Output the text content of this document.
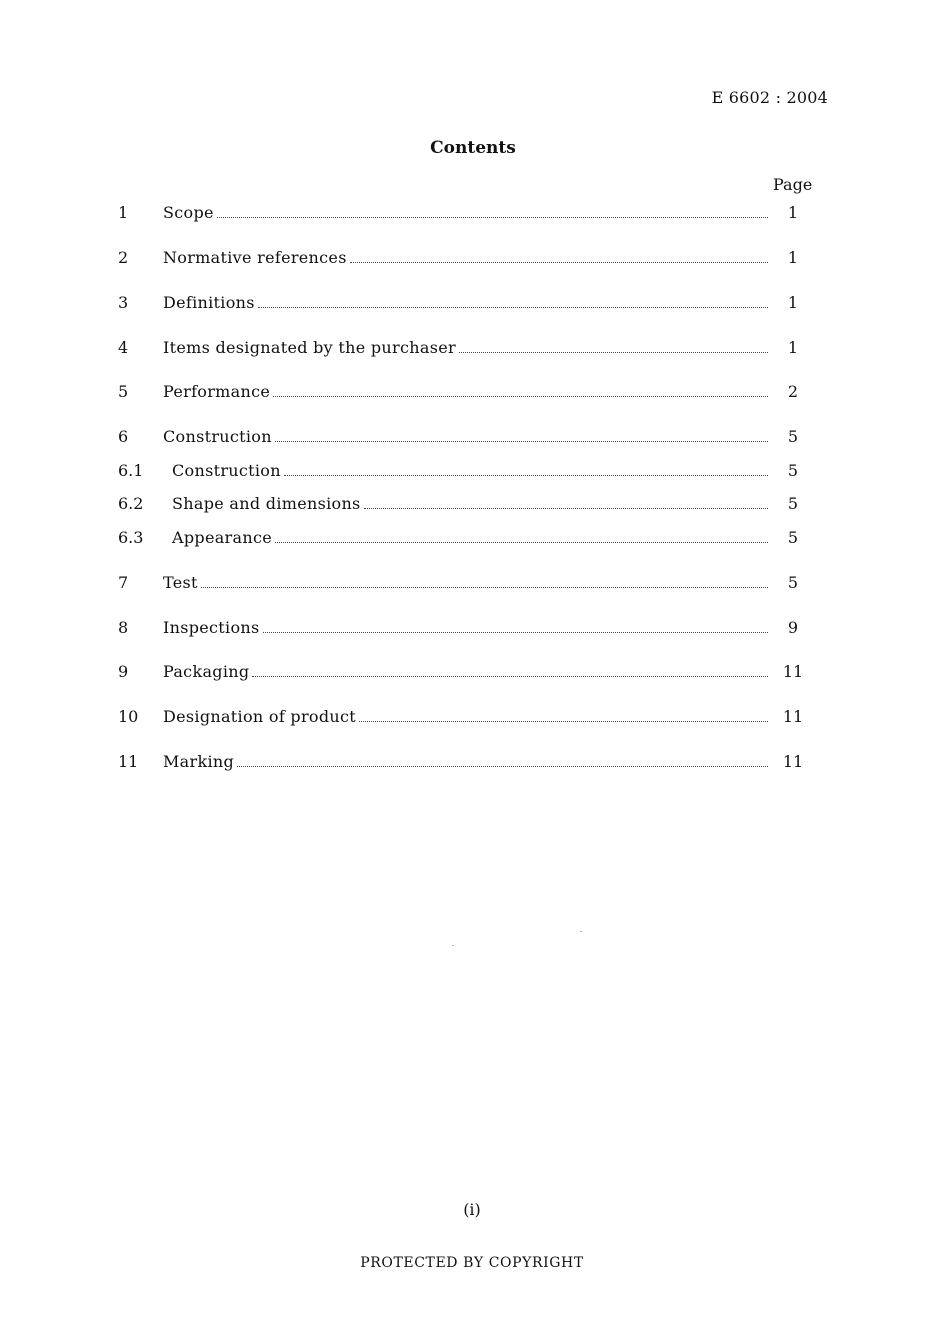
E 6602 : 2004
Contents
Page
1	Scope	1
2	Normative references	1
3	Definitions	1
4	Items designated by the purchaser	1
5	Performance	2
6	Construction	5
6.1	Construction	5
6.2	Shape and dimensions	5
6.3	Appearance	5
7	Test	5
8	Inspections	9
9	Packaging	11
10	Designation of product	11
11	Marking	11
(i)
PROTECTED BY COPYRIGHT
